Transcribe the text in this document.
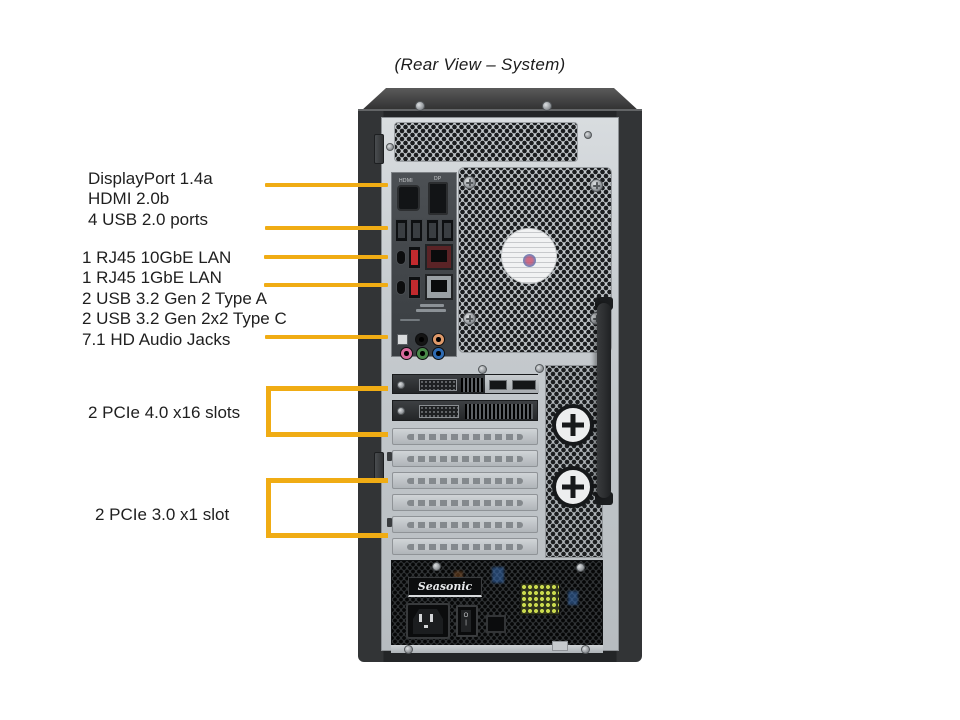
(Rear View – System)
DisplayPort 1.4a
HDMI 2.0b
4 USB 2.0 ports
1 RJ45 10GbE LAN
1 RJ45 1GbE LAN
2 USB 3.2 Gen 2 Type A
2 USB 3.2 Gen 2x2 Type C
7.1 HD Audio Jacks
2 PCIe 4.0 x16 slots
2 PCIe 3.0 x1 slot
HDMI	DP
Seasonic
O
|
